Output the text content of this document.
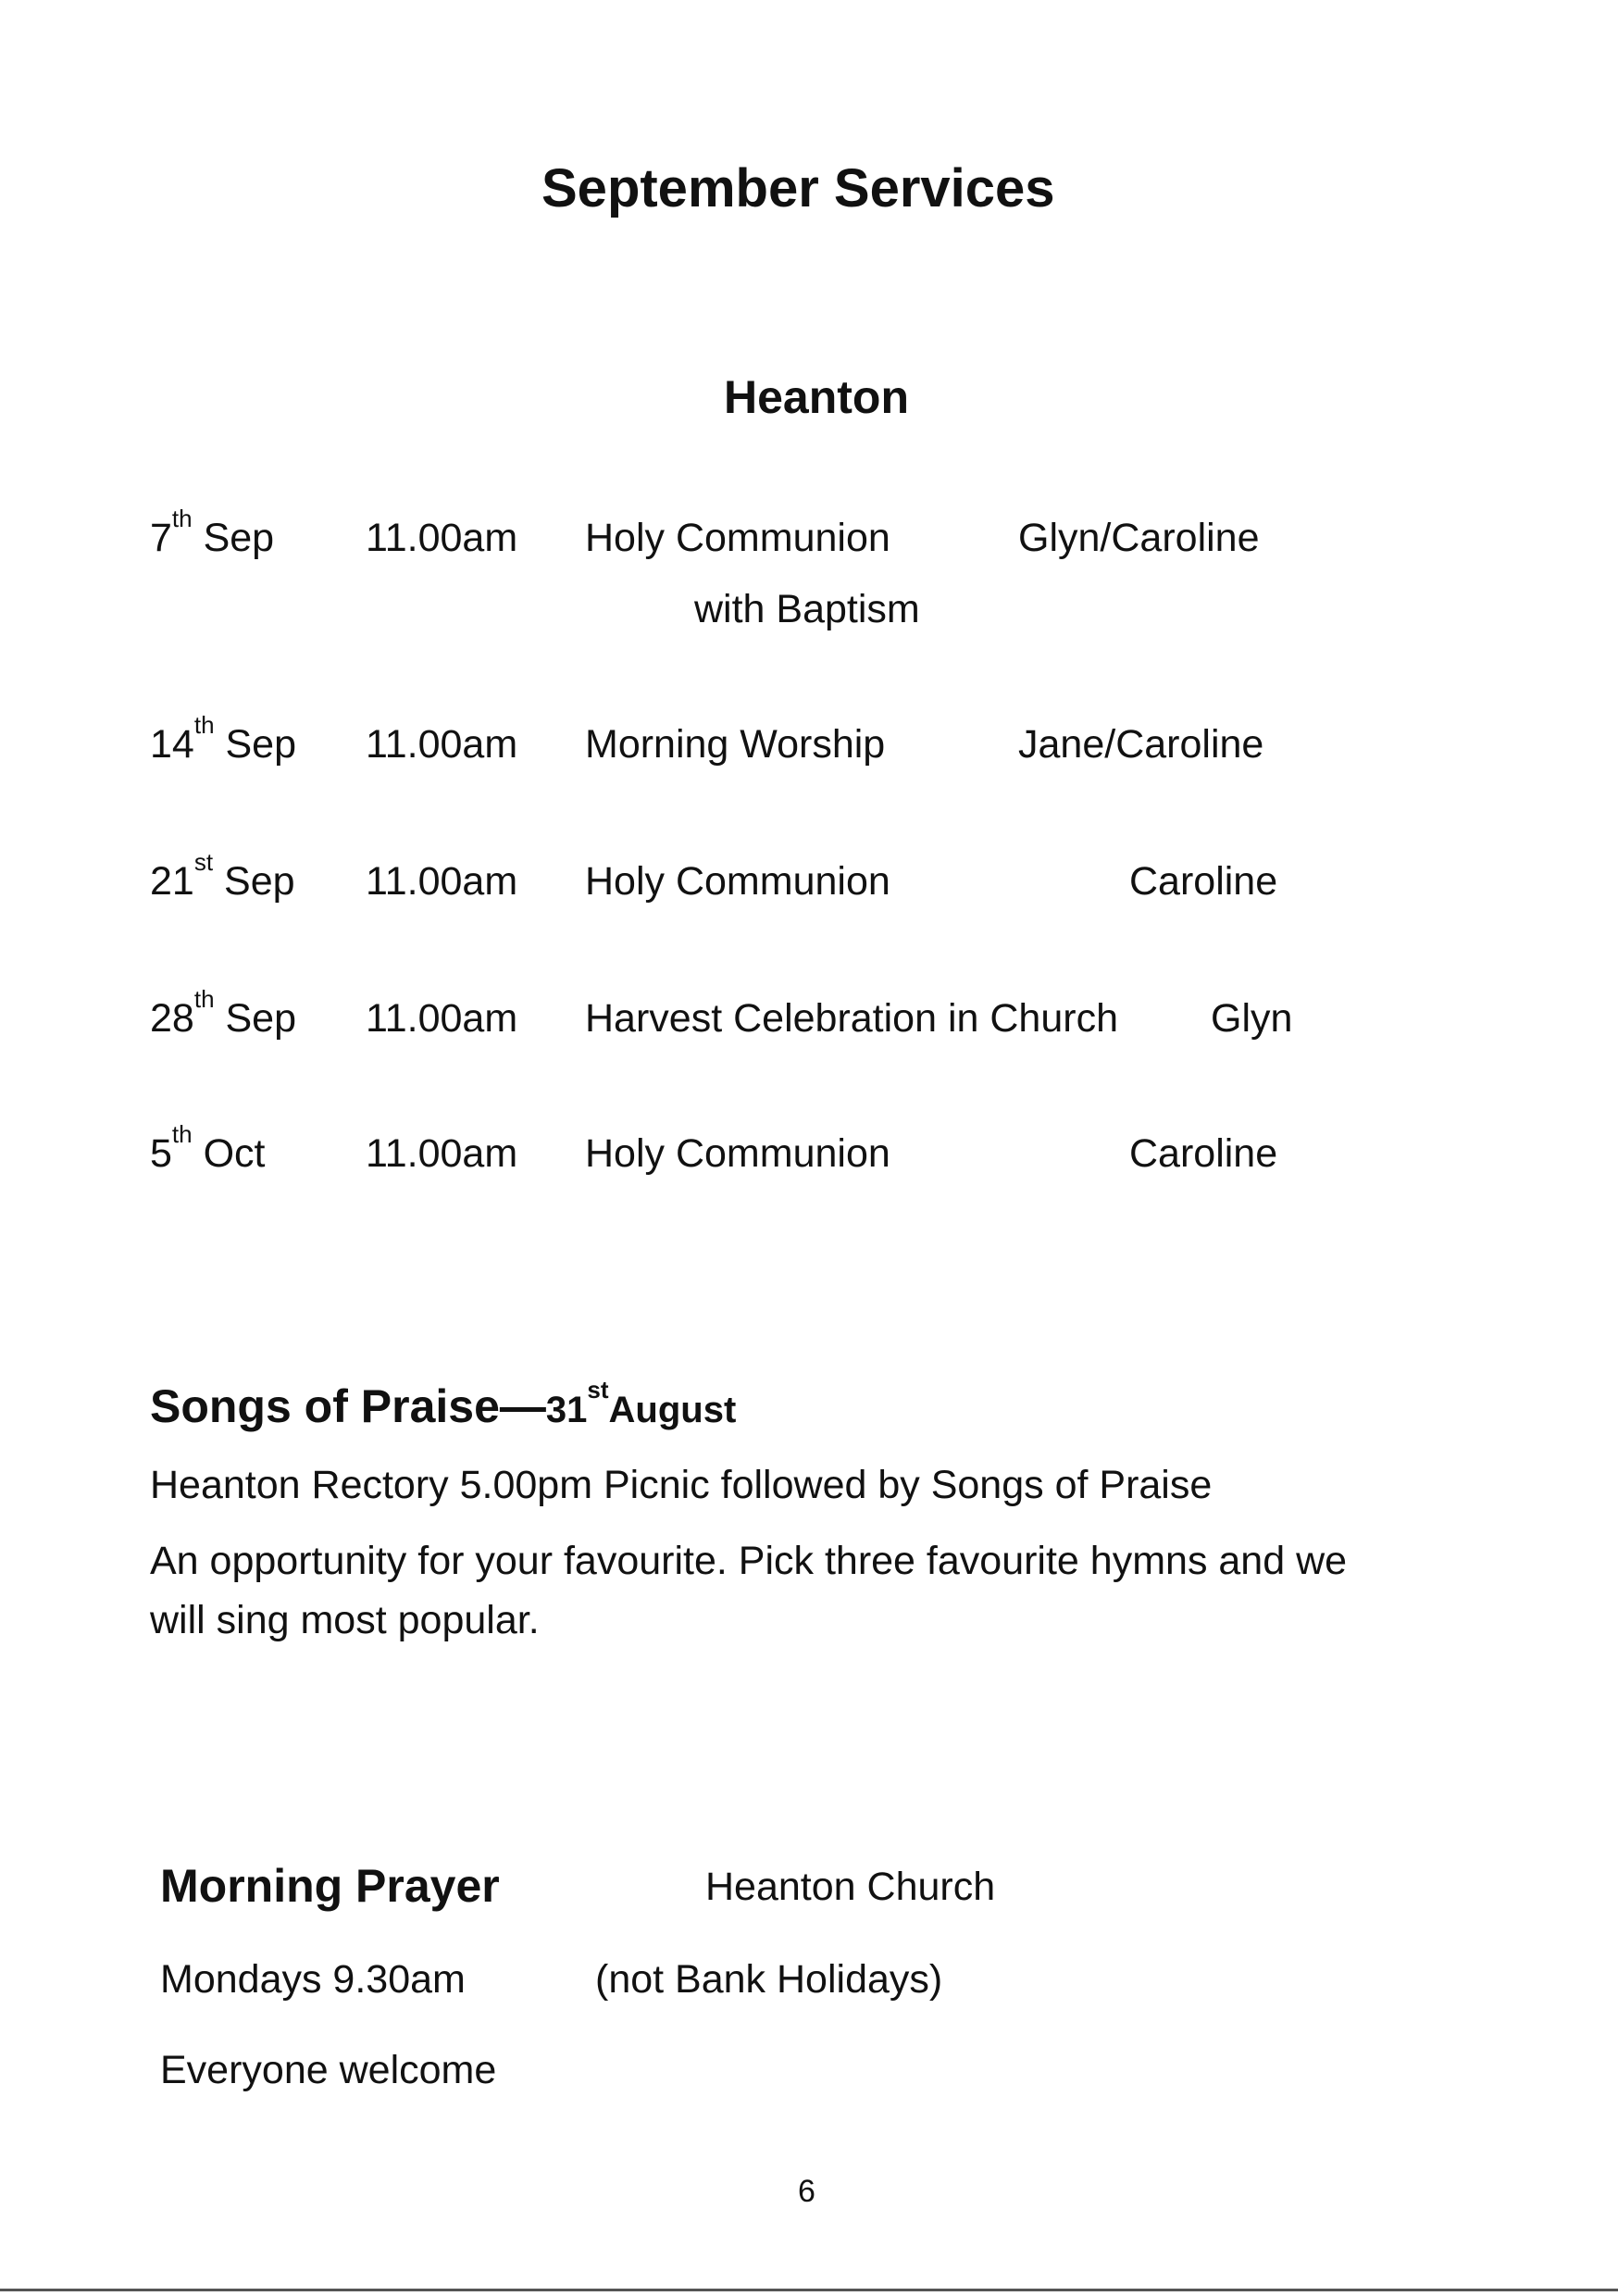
September Services
Heanton
7th Sep 11.00am Holy Communion	Glyn/Caroline
with Baptism
14th Sep 11.00am Morning Worship	Jane/Caroline
21st Sep 11.00am Holy Communion	Caroline
28th Sep 11.00am Harvest Celebration in Church Glyn
5th Oct	11.00am Holy Communion	Caroline
Songs of Praise—31stAugust
Heanton Rectory 5.00pm Picnic followed by Songs of Praise
An opportunity for your favourite. Pick three favourite hymns and we
will sing most popular.
Morning Prayer	Heanton Church
Mondays 9.30am	(not Bank Holidays)
Everyone welcome
6
